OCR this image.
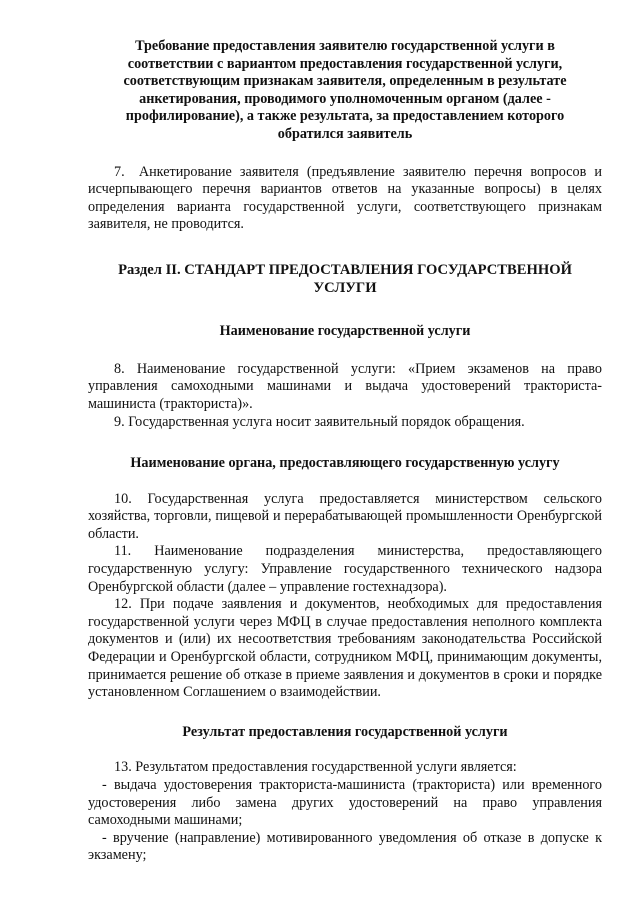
Требование предоставления заявителю государственной услуги в соответствии с вариантом предоставления государственной услуги, соответствующим признакам заявителя, определенным в результате анкетирования, проводимого уполномоченным органом (далее - профилирование), а также результата, за предоставлением которого обратился заявитель

7. Анкетирование заявителя (предъявление заявителю перечня вопросов и исчерпывающего перечня вариантов ответов на указанные вопросы) в целях определения варианта государственной услуги, соответствующего признакам заявителя, не проводится.

Раздел II. СТАНДАРТ ПРЕДОСТАВЛЕНИЯ ГОСУДАРСТВЕННОЙ УСЛУГИ
Наименование государственной услуги

8. Наименование государственной услуги: «Прием экзаменов на право управления самоходными машинами и выдача удостоверений тракториста-машиниста (тракториста)».

9. Государственная услуга носит заявительный порядок обращения.

Наименование органа, предоставляющего государственную услугу

10. Государственная услуга предоставляется министерством сельского хозяйства, торговли, пищевой и перерабатывающей промышленности Оренбургской области.

11. Наименование подразделения министерства, предоставляющего государственную услугу: Управление государственного технического надзора Оренбургской области (далее – управление гостехнадзора).

12. При подаче заявления и документов, необходимых для предоставления государственной услуги через МФЦ в случае предоставления неполного комплекта документов и (или) их несоответствия требованиям законодательства Российской Федерации и Оренбургской области, сотрудником МФЦ, принимающим документы, принимается решение об отказе в приеме заявления и документов в сроки и порядке установленном Соглашением о взаимодействии.

Результат предоставления государственной услуги

13. Результатом предоставления государственной услуги является:

- выдача удостоверения тракториста-машиниста (тракториста) или временного удостоверения либо замена других удостоверений на право управления самоходными машинами;

- вручение (направление) мотивированного уведомления об отказе в допуске к экзамену;
